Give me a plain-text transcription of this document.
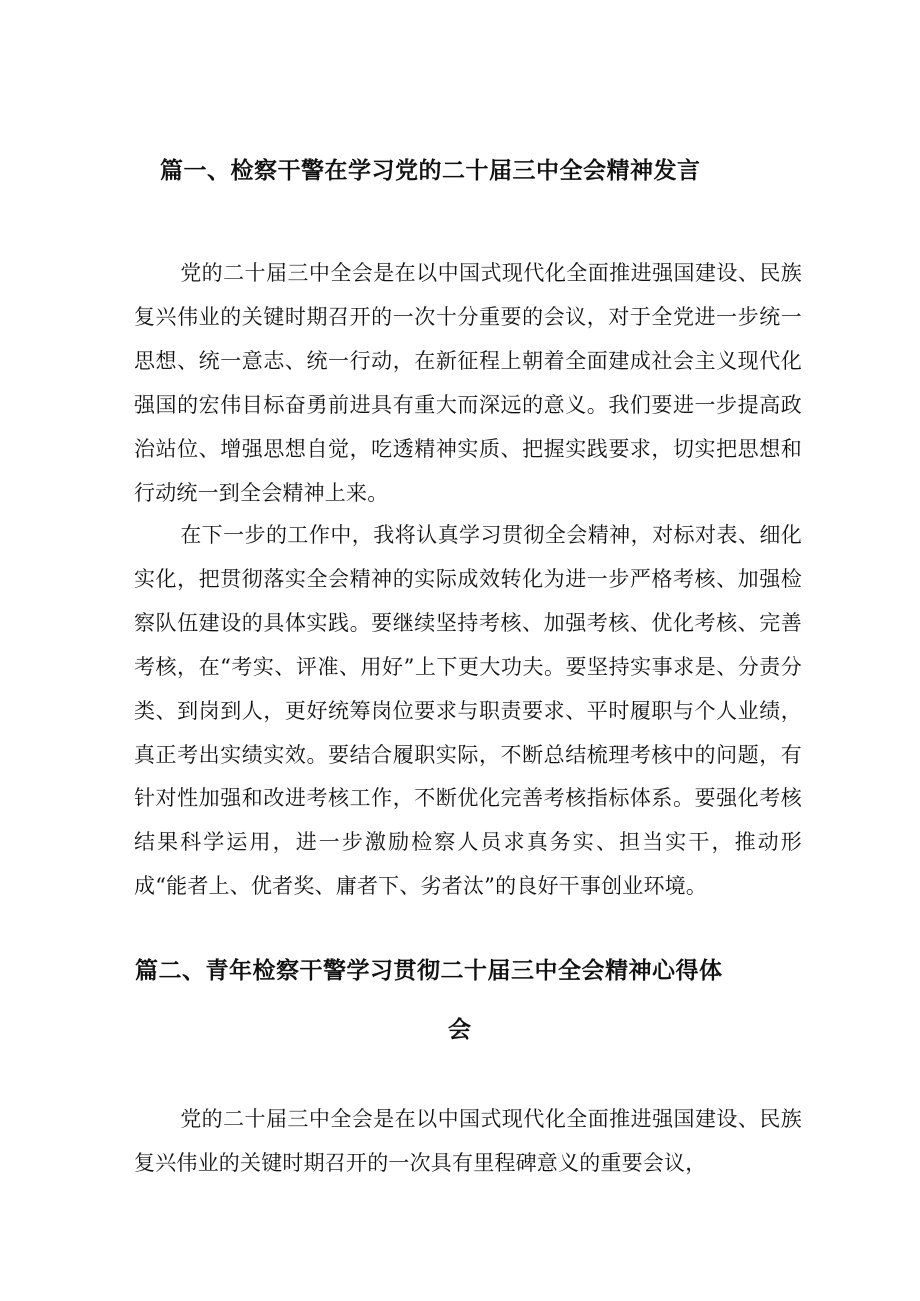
篇一、检察干警在学习党的二十届三中全会精神发言

党的二十届三中全会是在以中国式现代化全面推进强国建设、民族复兴伟业的关键时期召开的一次十分重要的会议，对于全党进一步统一思想、统一意志、统一行动，在新征程上朝着全面建成社会主义现代化强国的宏伟目标奋勇前进具有重大而深远的意义。我们要进一步提高政治站位、增强思想自觉，吃透精神实质、把握实践要求，切实把思想和行动统一到全会精神上来。

在下一步的工作中，我将认真学习贯彻全会精神，对标对表、细化实化，把贯彻落实全会精神的实际成效转化为进一步严格考核、加强检察队伍建设的具体实践。要继续坚持考核、加强考核、优化考核、完善考核，在“考实、评准、用好”上下更大功夫。要坚持实事求是、分责分类、到岗到人，更好统筹岗位要求与职责要求、平时履职与个人业绩，真正考出实绩实效。要结合履职实际，不断总结梳理考核中的问题，有针对性加强和改进考核工作，不断优化完善考核指标体系。要强化考核结果科学运用，进一步激励检察人员求真务实、担当实干，推动形成“能者上、优者奖、庸者下、劣者汰”的良好干事创业环境。

篇二、青年检察干警学习贯彻二十届三中全会精神心得体
会

党的二十届三中全会是在以中国式现代化全面推进强国建设、民族复兴伟业的关键时期召开的一次具有里程碑意义的重要会议，
